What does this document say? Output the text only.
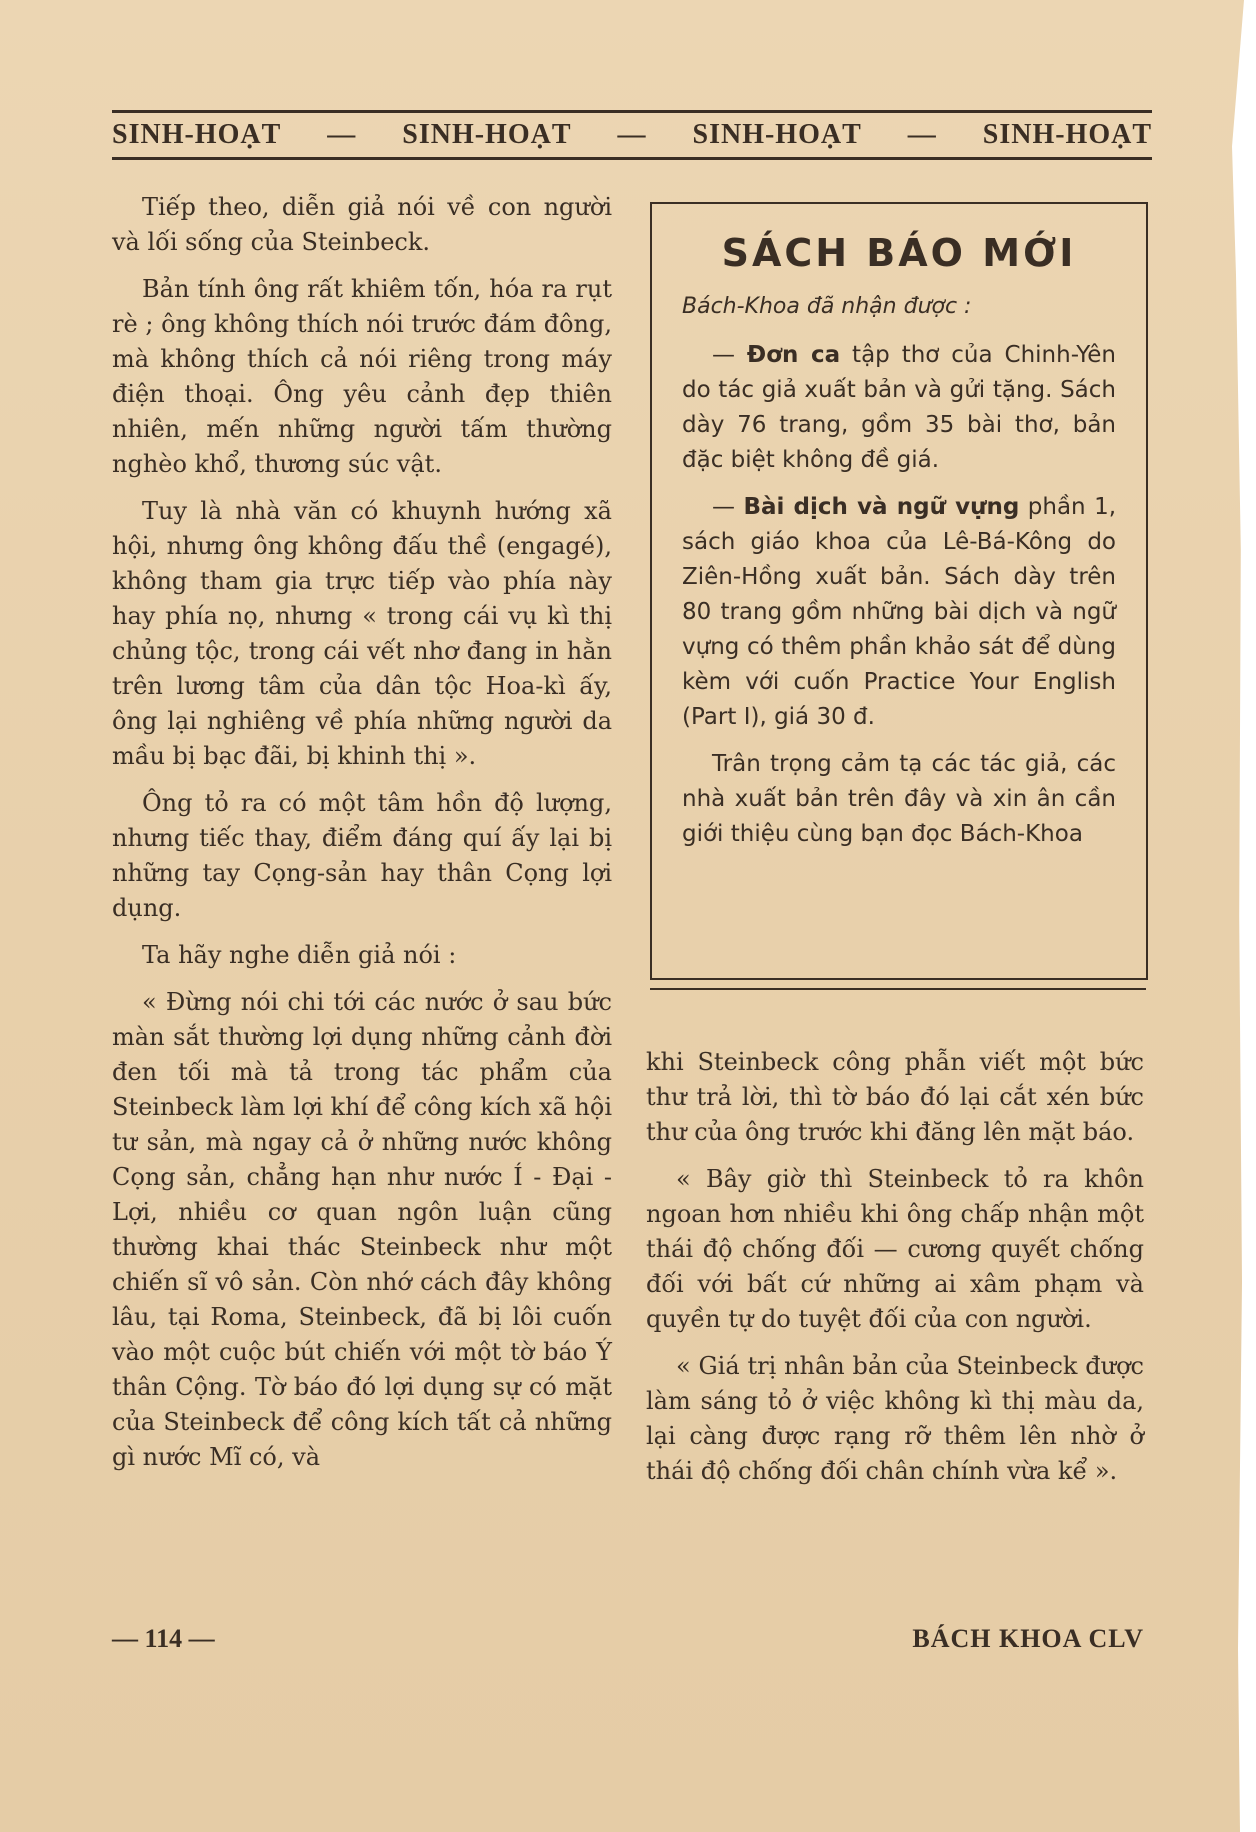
SINH-HOẠT — SINH-HOẠT — SINH-HOẠT — SINH-HOẠT

Tiếp theo, diễn giả nói về con người và lối sống của Steinbeck.

Bản tính ông rất khiêm tốn, hóa ra rụt rè ; ông không thích nói trước đám đông, mà không thích cả nói riêng trong máy điện thoại. Ông yêu cảnh đẹp thiên nhiên, mến những người tấm thường nghèo khổ, thương súc vật.

Tuy là nhà văn có khuynh hướng xã hội, nhưng ông không đấu thề (engagé), không tham gia trực tiếp vào phía này hay phía nọ, nhưng « trong cái vụ kì thị chủng tộc, trong cái vết nhơ đang in hằn trên lương tâm của dân tộc Hoa-kì ấy, ông lại nghiêng về phía những người da mầu bị bạc đãi, bị khinh thị ».

Ông tỏ ra có một tâm hồn độ lượng, nhưng tiếc thay, điểm đáng quí ấy lại bị những tay Cọng-sản hay thân Cọng lợi dụng.

Ta hãy nghe diễn giả nói :

« Đừng nói chi tới các nước ở sau bức màn sắt thường lợi dụng những cảnh đời đen tối mà tả trong tác phẩm của Steinbeck làm lợi khí để công kích xã hội tư sản, mà ngay cả ở những nước không Cọng sản, chẳng hạn như nước Í - Đại - Lợi, nhiều cơ quan ngôn luận cũng thường khai thác Steinbeck như một chiến sĩ vô sản. Còn nhớ cách đây không lâu, tại Roma, Steinbeck, đã bị lôi cuốn vào một cuộc bút chiến với một tờ báo Ý thân Cộng. Tờ báo đó lợi dụng sự có mặt của Steinbeck để công kích tất cả những gì nước Mĩ có, và

SÁCH BÁO MỚI
Bách-Khoa đã nhận được :

— Đơn ca tập thơ của Chinh-Yên do tác giả xuất bản và gửi tặng. Sách dày 76 trang, gồm 35 bài thơ, bản đặc biệt không đề giá.

— Bài dịch và ngữ vựng phần 1, sách giáo khoa của Lê-Bá-Kông do Ziên-Hồng xuất bản. Sách dày trên 80 trang gồm những bài dịch và ngữ vựng có thêm phần khảo sát để dùng kèm với cuốn Practice Your English (Part I), giá 30 đ.

Trân trọng cảm tạ các tác giả, các nhà xuất bản trên đây và xin ân cần giới thiệu cùng bạn đọc Bách-Khoa

khi Steinbeck công phẫn viết một bức thư trả lời, thì tờ báo đó lại cắt xén bức thư của ông trước khi đăng lên mặt báo.

« Bây giờ thì Steinbeck tỏ ra khôn ngoan hơn nhiều khi ông chấp nhận một thái độ chống đối — cương quyết chống đối với bất cứ những ai xâm phạm và quyền tự do tuyệt đối của con người.

« Giá trị nhân bản của Steinbeck được làm sáng tỏ ở việc không kì thị màu da, lại càng được rạng rỡ thêm lên nhờ ở thái độ chống đối chân chính vừa kể ».

— 114 —	BÁCH KHOA CLV
